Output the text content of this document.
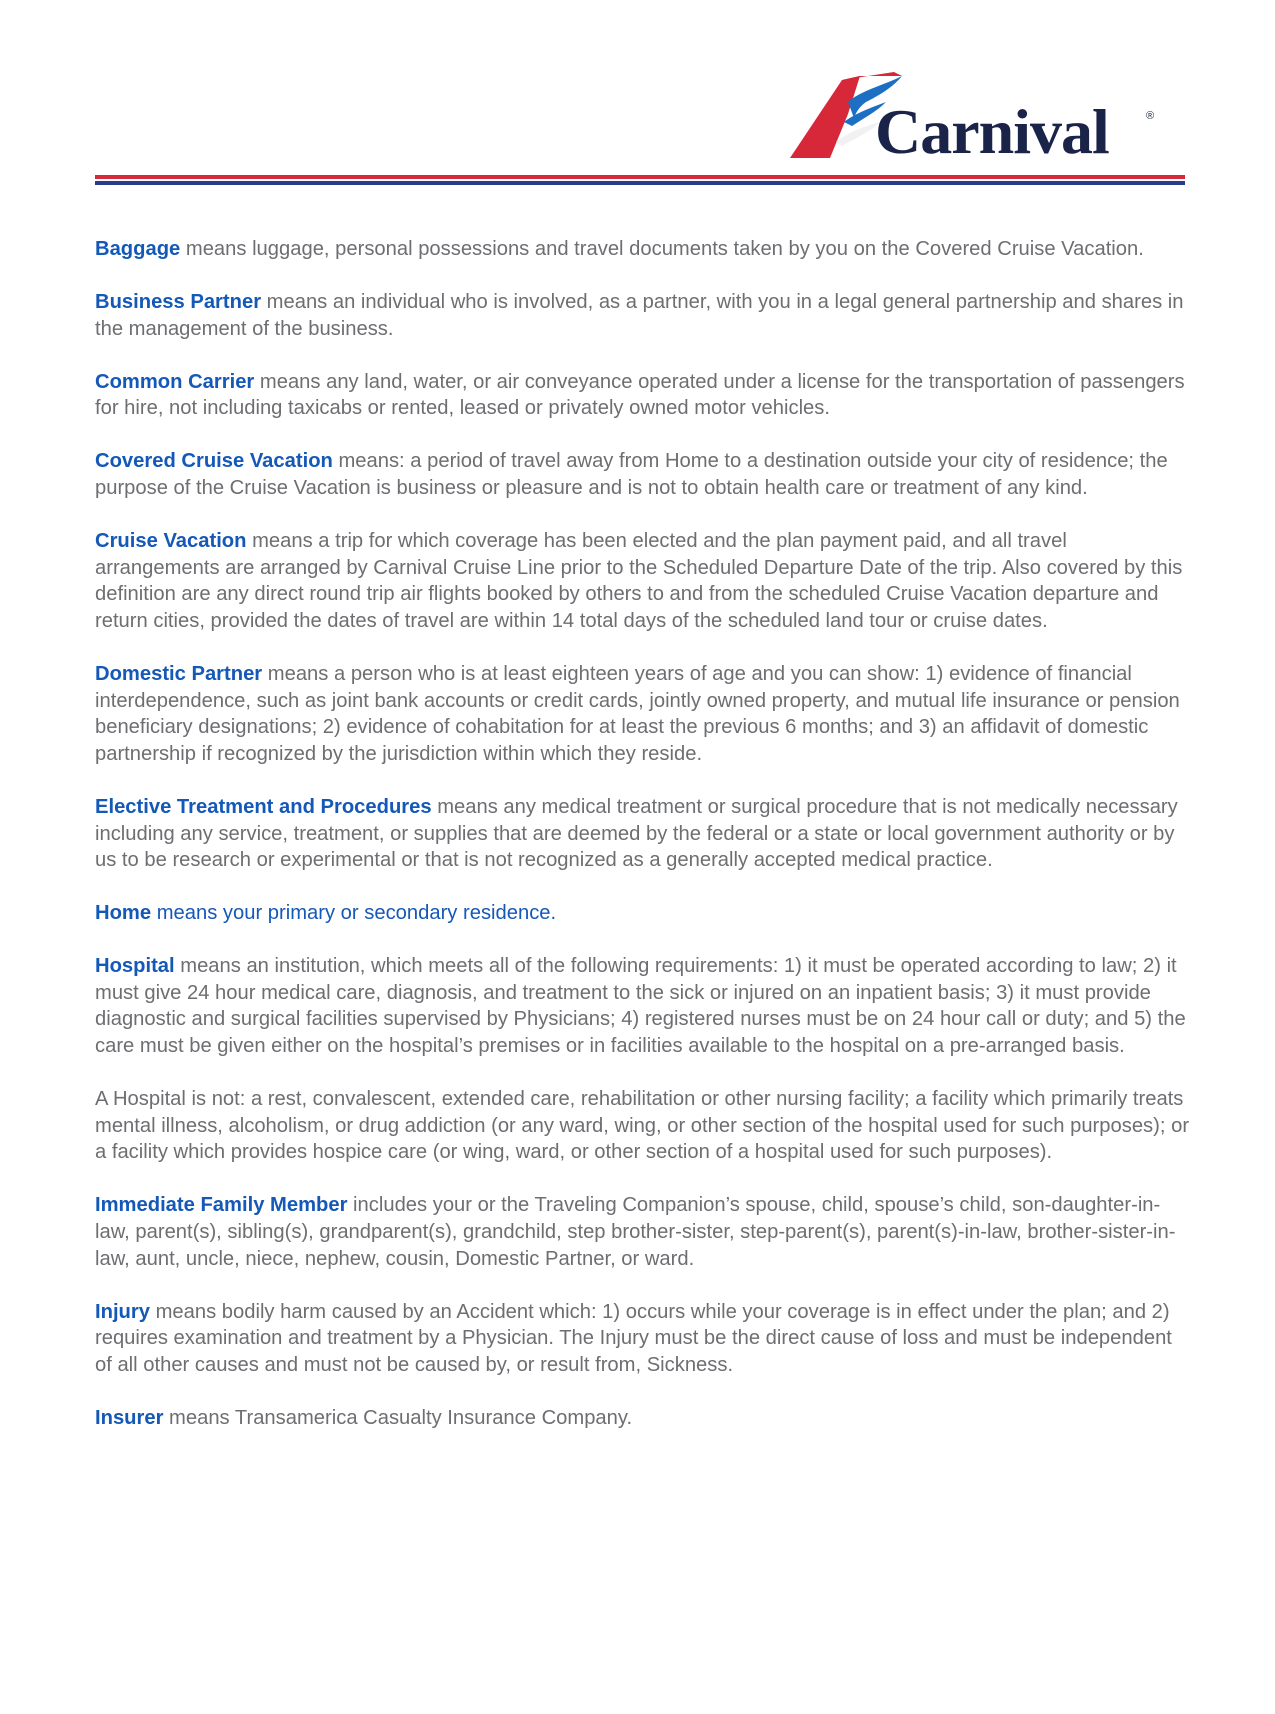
Carnival	®

Baggage means luggage, personal possessions and travel documents taken by you on the Covered Cruise Vacation.

Business Partner means an individual who is involved, as a partner, with you in a legal general partnership and shares in the management of the business.

Common Carrier means any land, water, or air conveyance operated under a license for the transportation of passengers for hire, not including taxicabs or rented, leased or privately owned motor vehicles.

Covered Cruise Vacation means: a period of travel away from Home to a destination outside your city of residence; the purpose of the Cruise Vacation is business or pleasure and is not to obtain health care or treatment of any kind.

Cruise Vacation means a trip for which coverage has been elected and the plan payment paid, and all travel arrangements are arranged by Carnival Cruise Line prior to the Scheduled Departure Date of the trip. Also covered by this definition are any direct round trip air flights booked by others to and from the scheduled Cruise Vacation departure and return cities, provided the dates of travel are within 14 total days of the scheduled land tour or cruise dates.

Domestic Partner means a person who is at least eighteen years of age and you can show: 1) evidence of financial interdependence, such as joint bank accounts or credit cards, jointly owned property, and mutual life insurance or pension beneficiary designations; 2) evidence of cohabitation for at least the previous 6 months; and 3) an affidavit of domestic partnership if recognized by the jurisdiction within which they reside.

Elective Treatment and Procedures means any medical treatment or surgical procedure that is not medically necessary including any service, treatment, or supplies that are deemed by the federal or a state or local government authority or by us to be research or experimental or that is not recognized as a generally accepted medical practice.

Home means your primary or secondary residence.

Hospital means an institution, which meets all of the following requirements: 1) it must be operated according to law; 2) it must give 24 hour medical care, diagnosis, and treatment to the sick or injured on an inpatient basis; 3) it must provide diagnostic and surgical facilities supervised by Physicians; 4) registered nurses must be on 24 hour call or duty; and 5) the care must be given either on the hospital’s premises or in facilities available to the hospital on a pre-arranged basis.

A Hospital is not: a rest, convalescent, extended care, rehabilitation or other nursing facility; a facility which primarily treats mental illness, alcoholism, or drug addiction (or any ward, wing, or other section of the hospital used for such purposes); or a facility which provides hospice care (or wing, ward, or other section of a hospital used for such purposes).

Immediate Family Member includes your or the Traveling Companion’s spouse, child, spouse’s child, son-daughter-in-law, parent(s), sibling(s), grandparent(s), grandchild, step brother-sister, step-parent(s), parent(s)-in-law, brother-sister-in-law, aunt, uncle, niece, nephew, cousin, Domestic Partner, or ward.

Injury means bodily harm caused by an Accident which: 1) occurs while your coverage is in effect under the plan; and 2) requires examination and treatment by a Physician. The Injury must be the direct cause of loss and must be independent of all other causes and must not be caused by, or result from, Sickness.

Insurer means Transamerica Casualty Insurance Company.
